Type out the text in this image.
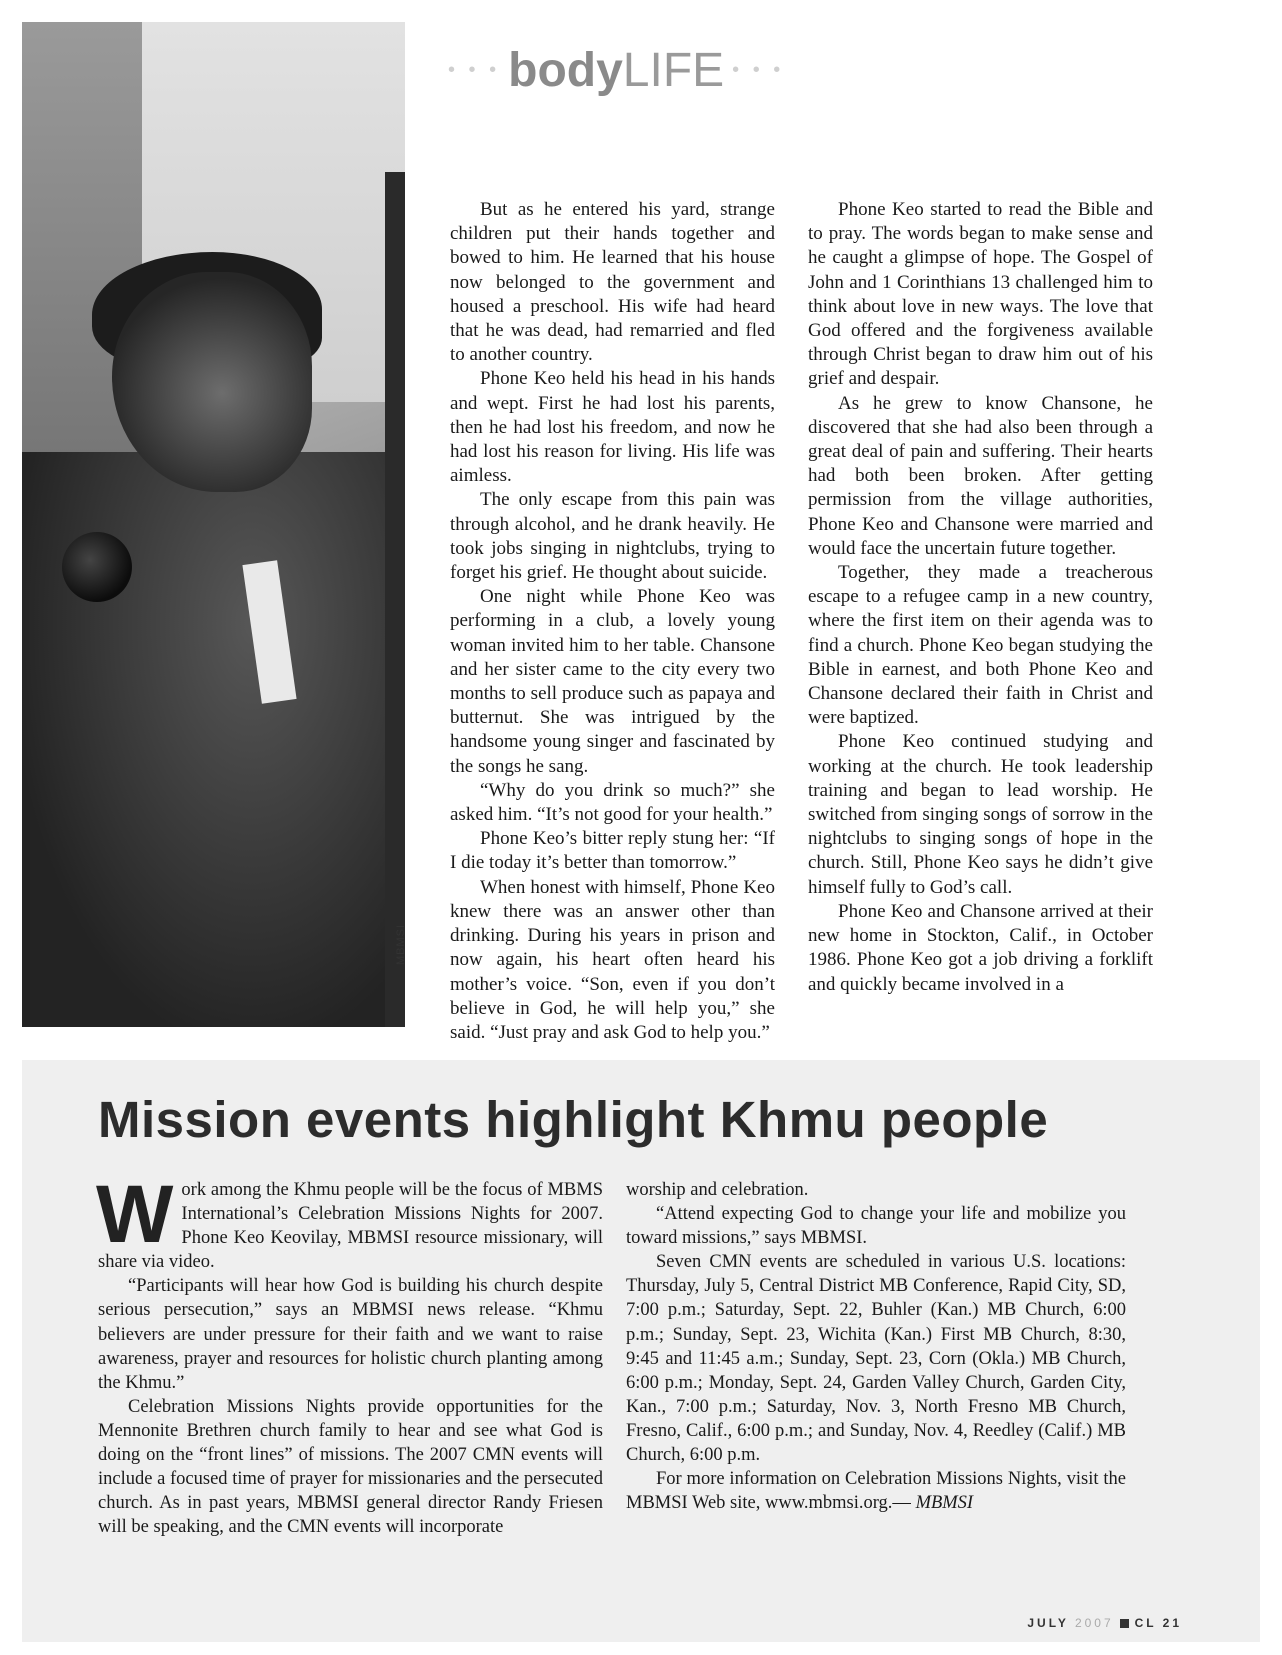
MBMSI
• • • body LIFE • • •

But as he entered his yard, strange children put their hands together and bowed to him. He learned that his house now belonged to the government and housed a preschool. His wife had heard that he was dead, had remarried and fled to another country.

Phone Keo held his head in his hands and wept. First he had lost his parents, then he had lost his freedom, and now he had lost his reason for living. His life was aimless.

The only escape from this pain was through alcohol, and he drank heavily. He took jobs singing in nightclubs, trying to forget his grief. He thought about suicide.

One night while Phone Keo was performing in a club, a lovely young woman invited him to her table. Chansone and her sister came to the city every two months to sell produce such as papaya and butternut. She was intrigued by the handsome young singer and fascinated by the songs he sang.

“Why do you drink so much?” she asked him. “It’s not good for your health.”

Phone Keo’s bitter reply stung her: “If I die today it’s better than tomorrow.”

When honest with himself, Phone Keo knew there was an answer other than drinking. During his years in prison and now again, his heart often heard his mother’s voice. “Son, even if you don’t believe in God, he will help you,” she said. “Just pray and ask God to help you.”

Phone Keo started to read the Bible and to pray. The words began to make sense and he caught a glimpse of hope. The Gospel of John and 1 Corinthians 13 challenged him to think about love in new ways. The love that God offered and the forgiveness available through Christ began to draw him out of his grief and despair.

As he grew to know Chansone, he discovered that she had also been through a great deal of pain and suffering. Their hearts had both been broken. After getting permission from the village authorities, Phone Keo and Chansone were married and would face the uncertain future together.

Together, they made a treacherous escape to a refugee camp in a new country, where the first item on their agenda was to find a church. Phone Keo began studying the Bible in earnest, and both Phone Keo and Chansone declared their faith in Christ and were baptized.

Phone Keo continued studying and working at the church. He took leadership training and began to lead worship. He switched from singing songs of sorrow in the nightclubs to singing songs of hope in the church. Still, Phone Keo says he didn’t give himself fully to God’s call.

Phone Keo and Chansone arrived at their new home in Stockton, Calif., in October 1986. Phone Keo got a job driving a forklift and quickly became involved in a

Mission events highlight Khmu people

Work among the Khmu people will be the focus of MBMS International’s Celebration Missions Nights for 2007. Phone Keo Keovilay, MBMSI resource missionary, will share via video.

“Participants will hear how God is building his church despite serious persecution,” says an MBMSI news release. “Khmu believers are under pressure for their faith and we want to raise awareness, prayer and resources for holistic church planting among the Khmu.”

Celebration Missions Nights provide opportunities for the Mennonite Brethren church family to hear and see what God is doing on the “front lines” of missions. The 2007 CMN events will include a focused time of prayer for missionaries and the persecuted church. As in past years, MBMSI general director Randy Friesen will be speaking, and the CMN events will incorporate

worship and celebration.

“Attend expecting God to change your life and mobilize you toward missions,” says MBMSI.

Seven CMN events are scheduled in various U.S. locations: Thursday, July 5, Central District MB Conference, Rapid City, SD, 7:00 p.m.; Saturday, Sept. 22, Buhler (Kan.) MB Church, 6:00 p.m.; Sunday, Sept. 23, Wichita (Kan.) First MB Church, 8:30, 9:45 and 11:45 a.m.; Sunday, Sept. 23, Corn (Okla.) MB Church, 6:00 p.m.; Monday, Sept. 24, Garden Valley Church, Garden City, Kan., 7:00 p.m.; Saturday, Nov. 3, North Fresno MB Church, Fresno, Calif., 6:00 p.m.; and Sunday, Nov. 4, Reedley (Calif.) MB Church, 6:00 p.m.

For more information on Celebration Missions Nights, visit the MBMSI Web site, www.mbmsi.org.— MBMSI

JULY 2007 CL 21
